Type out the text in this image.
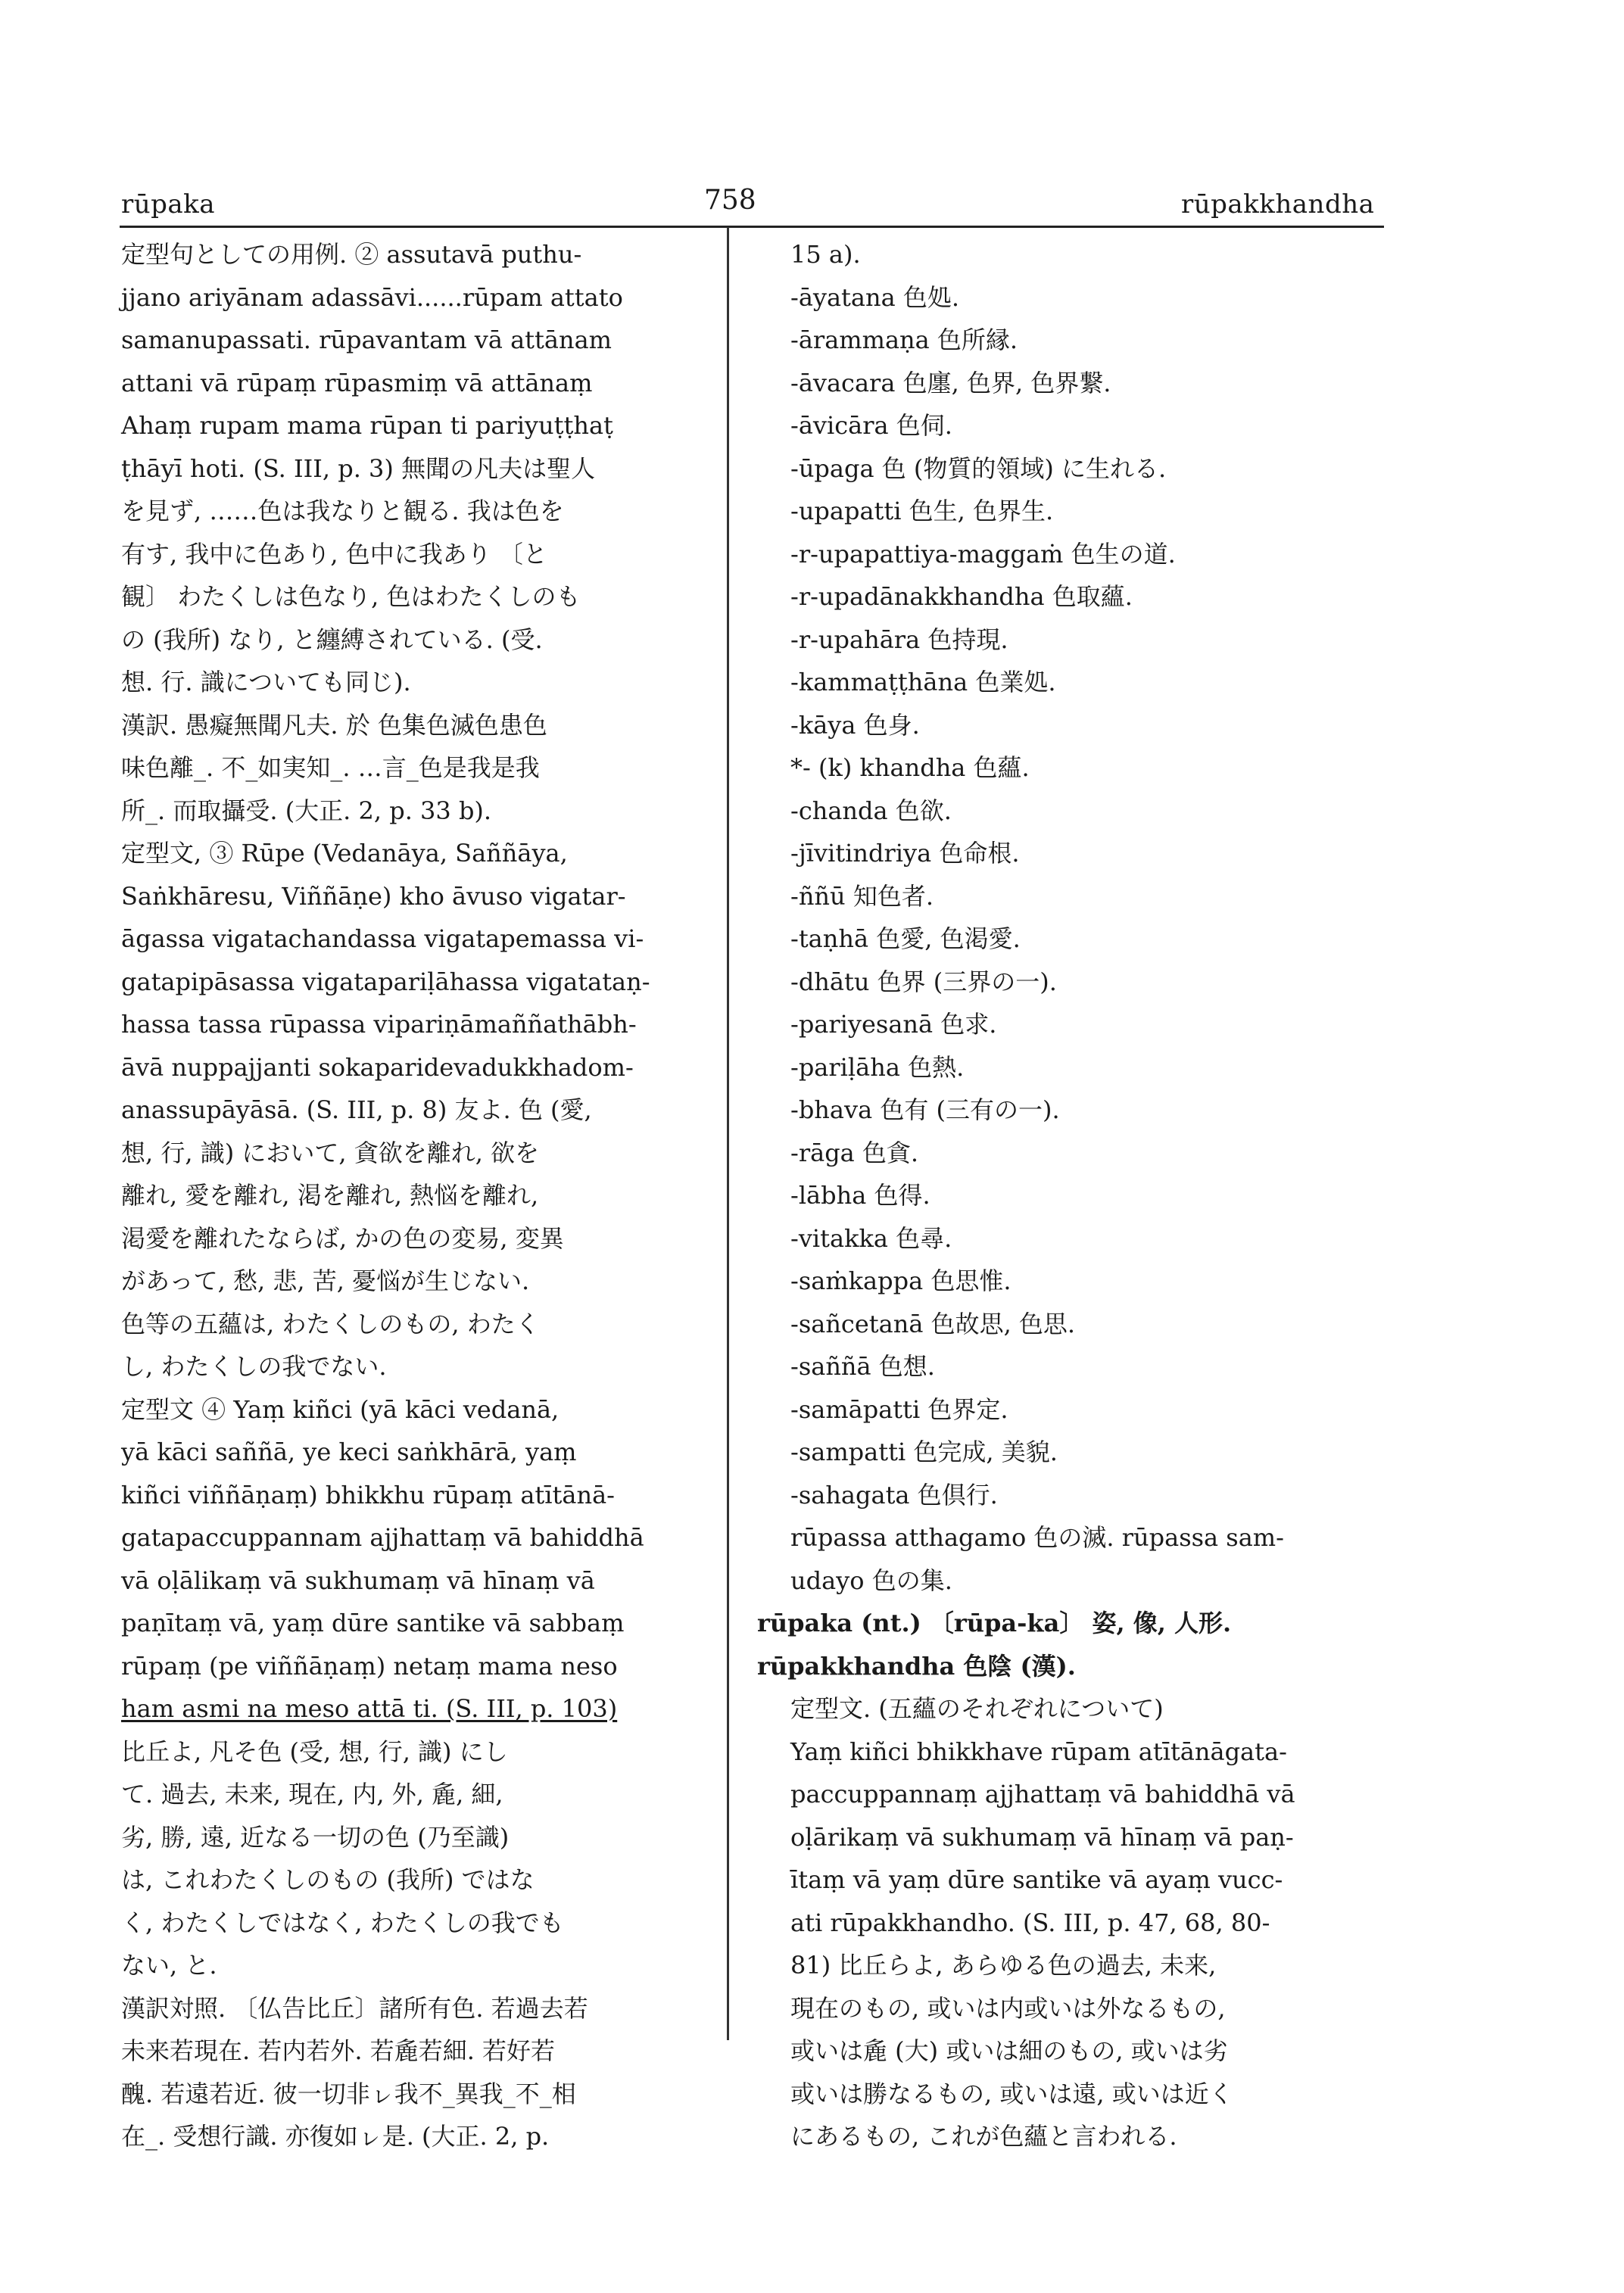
rūpaka	758	rūpakkhandha
定型句としての用例. ② assutavā puthu-
jjano ariyānam adassāvi......rūpam attato
samanupassati. rūpavantam vā attānam
attani vā rūpaṃ rūpasmiṃ vā attānaṃ
Ahaṃ rupam mama rūpan ti pariyuṭṭhaṭ
ṭhāyī hoti. (S. III, p. 3) 無聞の凡夫は聖人
を見ず, ……色は我なりと観る. 我は色を
有す, 我中に色あり, 色中に我あり 〔と
観〕 わたくしは色なり, 色はわたくしのも
の (我所) なり, と纏縛されている. (受.
想. 行. 識についても同じ).
漢訳. 愚癡無聞凡夫. 於 色集色滅色患色
味色離_. 不_如実知_. …言_色是我是我
所_. 而取攝受. (大正. 2, p. 33 b).
定型文, ③ Rūpe (Vedanāya, Saññāya,
Saṅkhāresu, Viññāṇe) kho āvuso vigatar-
āgassa vigatachandassa vigatapemassa vi-
gatapipāsassa vigatapariḷāhassa vigatataṇ-
hassa tassa rūpassa vipariṇāmaññathābh-
āvā nuppajjanti sokaparidevadukkhadom-
anassupāyāsā. (S. III, p. 8) 友よ. 色 (愛,
想, 行, 識) において, 貪欲を離れ, 欲を
離れ, 愛を離れ, 渇を離れ, 熱悩を離れ,
渇愛を離れたならば, かの色の変易, 変異
があって, 愁, 悲, 苦, 憂悩が生じない.
色等の五蘊は, わたくしのもの, わたく
し, わたくしの我でない.
定型文 ④ Yaṃ kiñci (yā kāci vedanā,
yā kāci saññā, ye keci saṅkhārā, yaṃ
kiñci viññāṇaṃ) bhikkhu rūpaṃ atītānā-
gatapaccuppannam ajjhattaṃ vā bahiddhā
vā oḷālikaṃ vā sukhumaṃ vā hīnaṃ vā
paṇītaṃ vā, yaṃ dūre santike vā sabbaṃ
rūpaṃ (pe viññāṇaṃ) netaṃ mama neso
ham asmi na meso attā ti. (S. III, p. 103)
比丘よ, 凡そ色 (受, 想, 行, 識) にし
て. 過去, 未来, 現在, 内, 外, 麁, 細,
劣, 勝, 遠, 近なる一切の色 (乃至識)
は, これわたくしのもの (我所) ではな
く, わたくしではなく, わたくしの我でも
ない, と.
漢訳対照. 〔仏告比丘〕諸所有色. 若過去若
未来若現在. 若内若外. 若麁若細. 若好若
醜. 若遠若近. 彼一切非ㇾ我不_異我_不_相
在_. 受想行識. 亦復如ㇾ是. (大正. 2, p.
15 a).
-āyatana 色処.
-ārammaṇa 色所縁.
-āvacara 色廛, 色界, 色界繋.
-āvicāra 色伺.
-ūpaga 色 (物質的領域) に生れる.
-upapatti 色生, 色界生.
-r-upapattiya-maggaṁ 色生の道.
-r-upadānakkhandha 色取蘊.
-r-upahāra 色持現.
-kammaṭṭhāna 色業処.
-kāya 色身.
*- (k) khandha 色蘊.
-chanda 色欲.
-jīvitindriya 色命根.
-ññū 知色者.
-taṇhā 色愛, 色渇愛.
-dhātu 色界 (三界の一).
-pariyesanā 色求.
-pariḷāha 色熱.
-bhava 色有 (三有の一).
-rāga 色貪.
-lābha 色得.
-vitakka 色尋.
-saṁkappa 色思惟.
-sañcetanā 色故思, 色思.
-saññā 色想.
-samāpatti 色界定.
-sampatti 色完成, 美貌.
-sahagata 色倶行.
rūpassa atthagamo 色の滅. rūpassa sam-
udayo 色の集.
rūpaka (nt.) 〔rūpa-ka〕 姿, 像, 人形.
rūpakkhandha 色陰 (漢).
定型文. (五蘊のそれぞれについて)
Yaṃ kiñci bhikkhave rūpam atītānāgata-
paccuppannaṃ ajjhattaṃ vā bahiddhā vā
oḷārikaṃ vā sukhumaṃ vā hīnaṃ vā paṇ-
ītaṃ vā yaṃ dūre santike vā ayaṃ vucc-
ati rūpakkhandho. (S. III, p. 47, 68, 80-
81) 比丘らよ, あらゆる色の過去, 未来,
現在のもの, 或いは内或いは外なるもの,
或いは麁 (大) 或いは細のもの, 或いは劣
或いは勝なるもの, 或いは遠, 或いは近く
にあるもの, これが色蘊と言われる.
